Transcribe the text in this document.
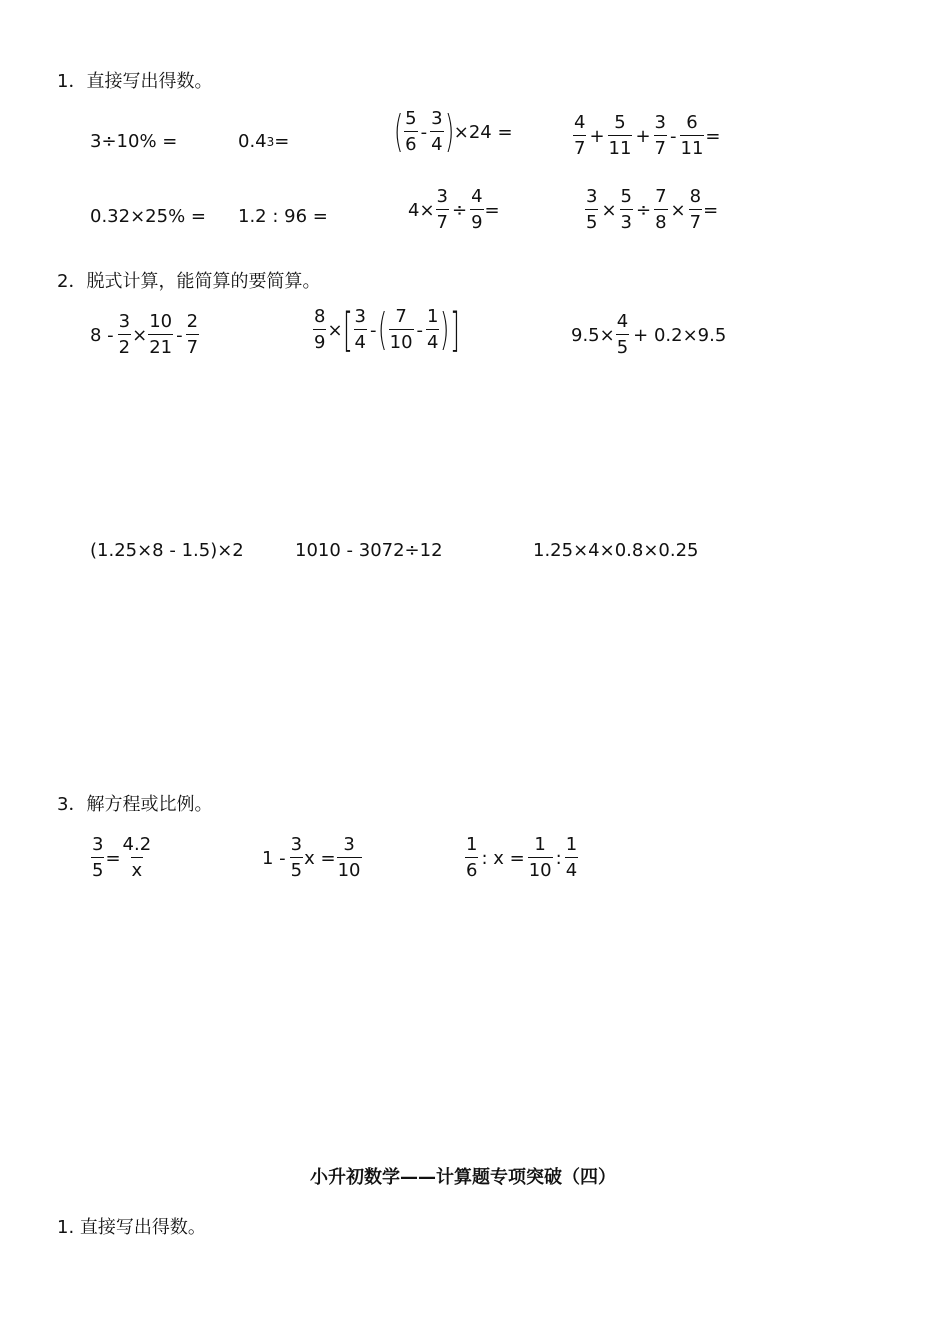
1．直接写出得数。
3÷10% =	0.4 3 = ( $\frac{5}{6} - \frac{3}{4}$ ) ×24 =	$\frac{4}{7} + \frac{5}{11} + \frac{3}{7} - \frac{6}{11}$ =
0.32×25% = 1.2 : 96 =	$4\times \frac{3}{7} \div \frac{4}{9}$ =	$\frac{3}{5} \times \frac{5}{3} \div \frac{7}{8} \times \frac{8}{7}$ =
2．脱式计算，能简算的要简算。
$8 - \frac{3}{2} \times \frac{10}{21} - \frac{2}{7}$	$\frac{8}{9}$ × [ $\frac{3}{4}$ - ( $\frac{7}{10} - \frac{1}{4}$ ) ]	$9.5\times \frac{4}{5} + 0.2\times 9.5$
(1.25×8 - 1.5)×2	1010 - 3072÷12	1.25×4×0.8×0.25
3．解方程或比例。
$\frac{3}{5} = \frac{4.2}{x}$	$1 - \frac{3}{5}$ $x = \frac{3}{10}$	$\frac{1}{6}$ : $x = \frac{1}{10}$ : $\frac{1}{4}$
小升初数学——计算题专项突破（四）
1. 直接写出得数。
